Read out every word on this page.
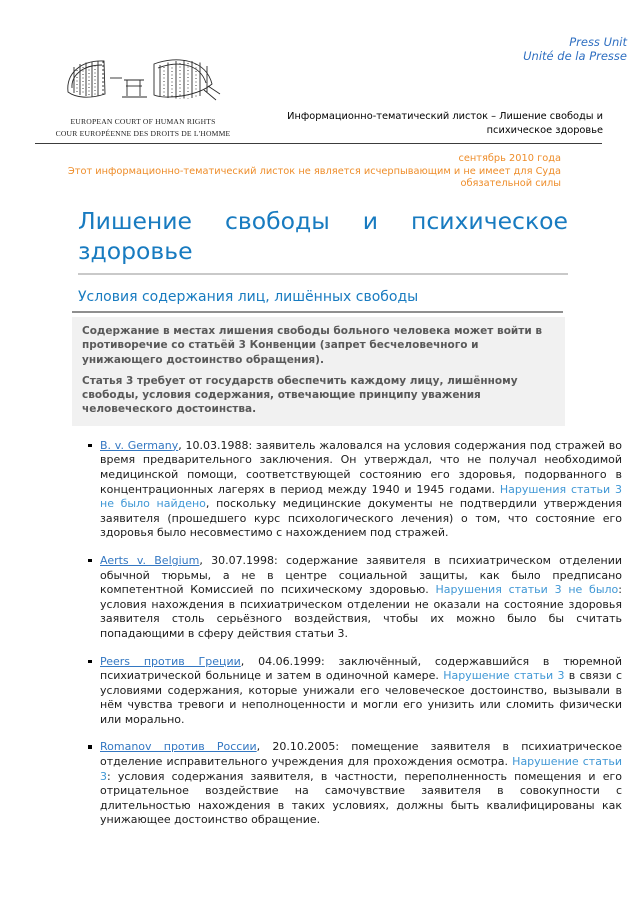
Press Unit
Unité de la Presse
EUROPEAN COURT OF HUMAN RIGHTS
COUR EUROPÉENNE DES DROITS DE L'HOMME
Информационно-тематический листок – Лишение свободы и психическое здоровье
сентябрь 2010 года
Этот информационно-тематический листок не является исчерпывающим и не имеет для Суда обязательной силы
Лишение свободы и психическое здоровье
Условия содержания лиц, лишённых свободы

Содержание в местах лишения свободы больного человека может войти в противоречие со статьёй 3 Конвенции (запрет бесчеловечного и унижающего достоинство обращения).

Статья 3 требует от государств обеспечить каждому лицу, лишённому свободы, условия содержания, отвечающие принципу уважения человеческого достоинства.

B. v. Germany, 10.03.1988: заявитель жаловался на условия содержания под стражей во время предварительного заключения. Он утверждал, что не получал необходимой медицинской помощи, соответствующей состоянию его здоровья, подорванного в концентрационных лагерях в период между 1940 и 1945 годами. Нарушения статьи 3 не было найдено, поскольку медицинские документы не подтвердили утверждения заявителя (прошедшего курс психологического лечения) о том, что состояние его здоровья было несовместимо с нахождением под стражей.
Aerts v. Belgium, 30.07.1998: содержание заявителя в психиатрическом отделении обычной тюрьмы, а не в центре социальной защиты, как было предписано компетентной Комиссией по психическому здоровью. Нарушения статьи 3 не было: условия нахождения в психиатрическом отделении не оказали на состояние здоровья заявителя столь серьёзного воздействия, чтобы их можно было бы считать попадающими в сферу действия статьи 3.
Peers против Греции, 04.06.1999: заключённый, содержавшийся в тюремной психиатрической больнице и затем в одиночной камере. Нарушение статьи 3 в связи с условиями содержания, которые унижали его человеческое достоинство, вызывали в нём чувства тревоги и неполноценности и могли его унизить или сломить физически или морально.
Romanov против России, 20.10.2005: помещение заявителя в психиатрическое отделение исправительного учреждения для прохождения осмотра. Нарушение статьи 3: условия содержания заявителя, в частности, переполненность помещения и его отрицательное воздействие на самочувствие заявителя в совокупности с длительностью нахождения в таких условиях, должны быть квалифицированы как унижающее достоинство обращение.
